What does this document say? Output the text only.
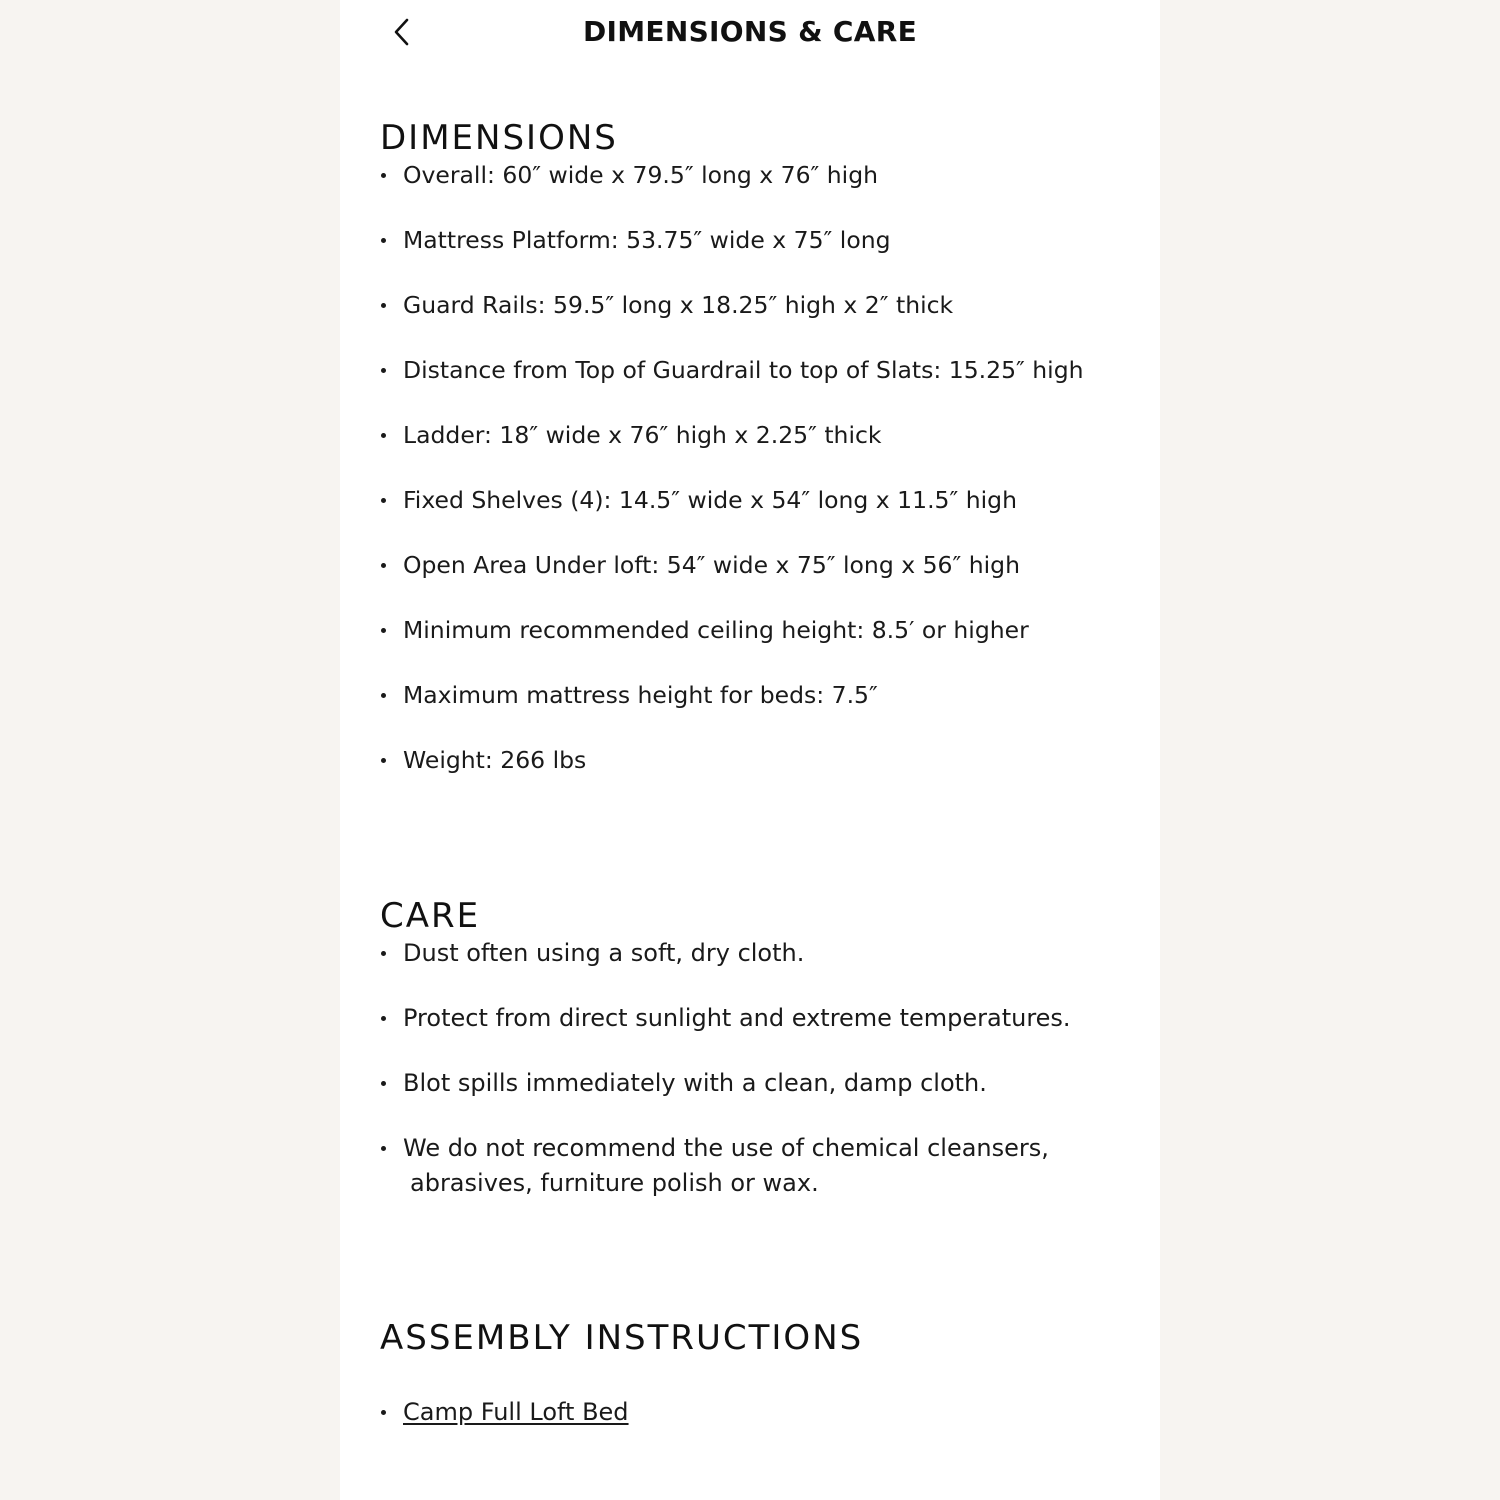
DIMENSIONS & CARE
DIMENSIONS
Overall: 60″ wide x 79.5″ long x 76″ high
Mattress Platform: 53.75″ wide x 75″ long
Guard Rails: 59.5″ long x 18.25″ high x 2″ thick
Distance from Top of Guardrail to top of Slats: 15.25″ high
Ladder: 18″ wide x 76″ high x 2.25″ thick
Fixed Shelves (4): 14.5″ wide x 54″ long x 11.5″ high
Open Area Under loft: 54″ wide x 75″ long x 56″ high
Minimum recommended ceiling height: 8.5′ or higher
Maximum mattress height for beds: 7.5″
Weight: 266 lbs
CARE
Dust often using a soft, dry cloth.
Protect from direct sunlight and extreme temperatures.
Blot spills immediately with a clean, damp cloth.
We do not recommend the use of chemical cleansers,
abrasives, furniture polish or wax.
ASSEMBLY INSTRUCTIONS
Camp Full Loft Bed
